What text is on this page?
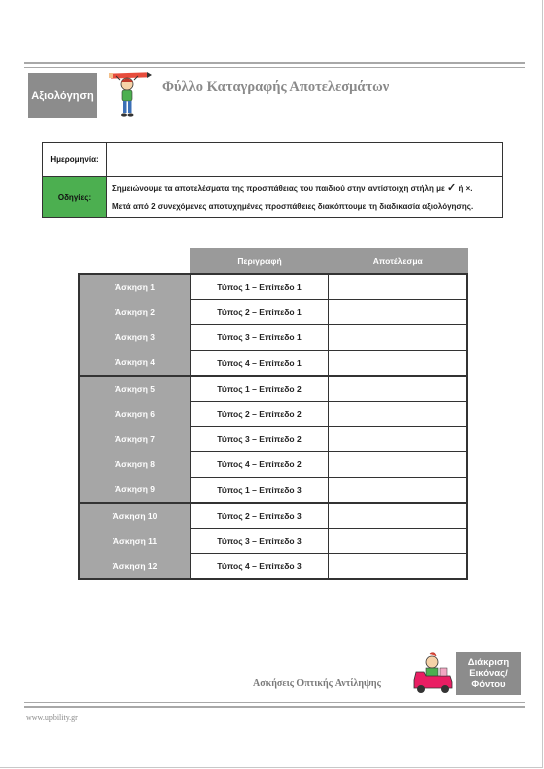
Αξιολόγηση
Φύλλο Καταγραφής Αποτελεσμάτων
Ημερομηνία:	
Οδηγίες:	Σημειώνουμε τα αποτελέσματα της προσπάθειας του παιδιού στην αντίστοιχη στήλη με ✓ ή ×.
Μετά από 2 συνεχόμενες αποτυχημένες προσπάθειες διακόπτουμε τη διαδικασία αξιολόγησης.
	Περιγραφή	Αποτέλεσμα
Άσκηση 1	Τύπος 1 – Επίπεδο 1	
Άσκηση 2	Τύπος 2 – Επίπεδο 1	
Άσκηση 3	Τύπος 3 – Επίπεδο 1	
Άσκηση 4	Τύπος 4 – Επίπεδο 1	
Άσκηση 5	Τύπος 1 – Επίπεδο 2	
Άσκηση 6	Τύπος 2 – Επίπεδο 2	
Άσκηση 7	Τύπος 3 – Επίπεδο 2	
Άσκηση 8	Τύπος 4 – Επίπεδο 2	
Άσκηση 9	Τύπος 1 – Επίπεδο 3	
Άσκηση 10	Τύπος 2 – Επίπεδο 3	
Άσκηση 11	Τύπος 3 – Επίπεδο 3	
Άσκηση 12	Τύπος 4 – Επίπεδο 3	
Ασκήσεις Οπτικής Αντίληψης
Διάκριση
Εικόνας/
Φόντου
www.upbility.gr
